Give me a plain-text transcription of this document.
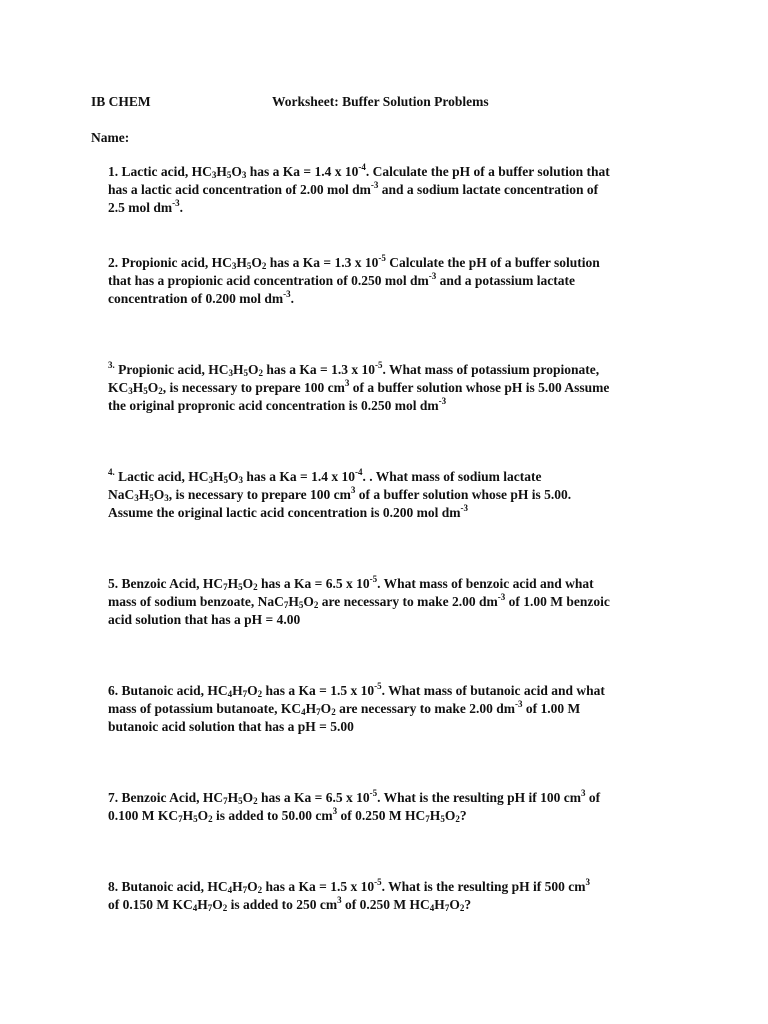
IB CHEM	Worksheet: Buffer Solution Problems
Name:
1. Lactic acid, $HC_3H_5O_3$ has a Ka = 1.4 x $10^{-4}$. Calculate the pH of a buffer solution that
has a lactic acid concentration of 2.00 mol $dm^{-3}$ and a sodium lactate concentration of
2.5 mol $dm^{-3}$.
2. Propionic acid, $HC_3H_5O_2$ has a Ka = 1.3 x $10^{-5}$ Calculate the pH of a buffer solution
that has a propionic acid concentration of 0.250 mol $dm^{-3}$ and a potassium lactate
concentration of 0.200 mol $dm^{-3}$.
$^{3.}$ Propionic acid, $HC_3H_5O_2$ has a Ka = 1.3 x $10^{-5}$. What mass of potassium propionate,
$KC_3H_5O_2$, is necessary to prepare 100 $cm^3$ of a buffer solution whose pH is 5.00 Assume
the original propronic acid concentration is 0.250 mol $dm^{-3}$
$^{4.}$ Lactic acid, $HC_3H_5O_3$ has a Ka = 1.4 x $10^{-4}$. . What mass of sodium lactate
$NaC_3H_5O_3$, is necessary to prepare 100 $cm^3$ of a buffer solution whose pH is 5.00.
Assume the original lactic acid concentration is 0.200 mol $dm^{-3}$
5. Benzoic Acid, $HC_7H_5O_2$ has a Ka = 6.5 x $10^{-5}$. What mass of benzoic acid and what
mass of sodium benzoate, $NaC_7H_5O_2$ are necessary to make 2.00 $dm^{-3}$ of 1.00 M benzoic
acid solution that has a pH = 4.00
6. Butanoic acid, $HC_4H_7O_2$ has a Ka = 1.5 x $10^{-5}$. What mass of butanoic acid and what
mass of potassium butanoate, $KC_4H_7O_2$ are necessary to make 2.00 $dm^{-3}$ of 1.00 M
butanoic acid solution that has a pH = 5.00
7. Benzoic Acid, $HC_7H_5O_2$ has a Ka = 6.5 x $10^{-5}$. What is the resulting pH if 100 $cm^3$ of
0.100 M $KC_7H_5O_2$ is added to 50.00 $cm^3$ of 0.250 M $HC_7H_5O_2$?
8. Butanoic acid, $HC_4H_7O_2$ has a Ka = 1.5 x $10^{-5}$. What is the resulting pH if 500 $cm^3$
of 0.150 M $KC_4H_7O_2$ is added to 250 $cm^3$ of 0.250 M $HC_4H_7O_2$?
